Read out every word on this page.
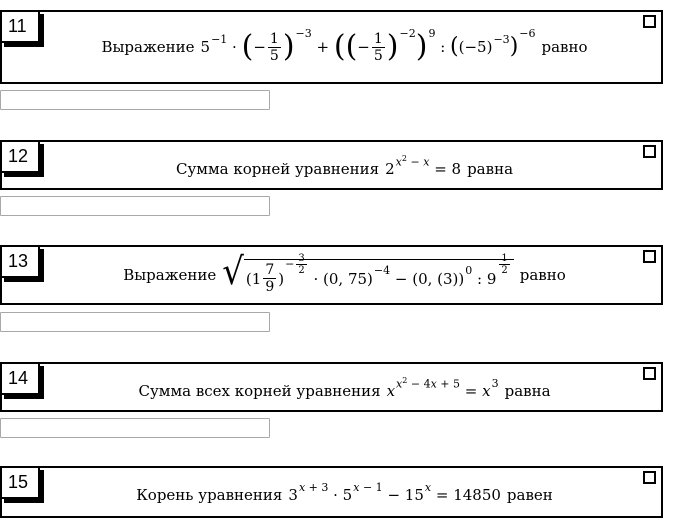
11
Выражение 5 −1 · ( − $\frac{1}{5}$ ) −3
+ ( ( − $\frac{1}{5}$ ) −2 ) 9
: ( (−5) −3 )
−6
равно
12
Сумма корней уравнения 2 $x^2 - x = 8$ равна
13
Выражение √ ($1 \frac{7}{9}$ )
− $\frac{3}{2}$
· (0, 75) −4 − (0, (3)) 0 : 9
$\frac{1}{2}$ равно
14
Сумма всех корней уравнения x $x^2 - 4x + 5 = x$ 3 равна
15
Корень уравнения 3 x + 3 · 5 x − 1 − 15 x = 14850 равен
